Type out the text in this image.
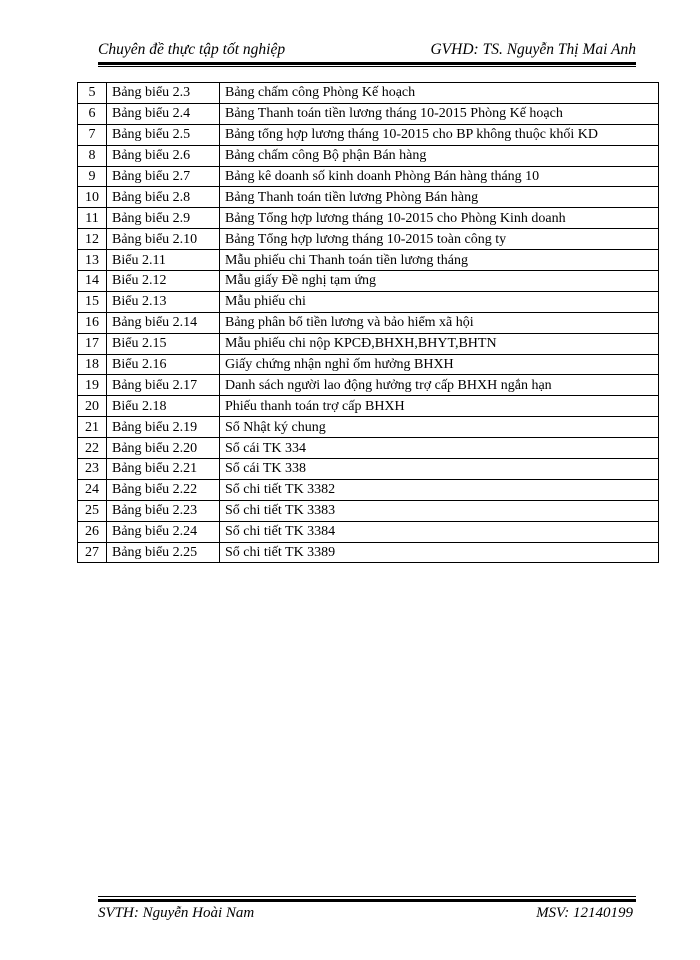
Chuyên đề thực tập tốt nghiệp	GVHD: TS. Nguyễn Thị Mai Anh
5	Bảng biểu 2.3	Bảng chấm công Phòng Kế hoạch
6	Bảng biểu 2.4	Bảng Thanh toán tiền lương tháng 10-2015 Phòng Kế hoạch
7	Bảng biểu 2.5	Bảng tổng hợp lương tháng 10-2015 cho BP không thuộc khối KD
8	Bảng biểu 2.6	Bảng chấm công Bộ phận Bán hàng
9	Bảng biểu 2.7	Bảng kê doanh số kinh doanh Phòng Bán hàng tháng 10
10	Bảng biểu 2.8	Bảng Thanh toán tiền lương Phòng Bán hàng
11	Bảng biểu 2.9	Bảng Tổng hợp lương tháng 10-2015 cho Phòng Kinh doanh
12	Bảng biểu 2.10	Bảng Tổng hợp lương tháng 10-2015 toàn công ty
13	Biểu 2.11	Mẫu phiếu chi Thanh toán tiền lương tháng
14	Biểu 2.12	Mẫu giấy Đề nghị tạm ứng
15	Biểu 2.13	Mẫu phiếu chi
16	Bảng biểu 2.14	Bảng phân bổ tiền lương và bảo hiểm xã hội
17	Biểu 2.15	Mẫu phiếu chi nộp KPCĐ,BHXH,BHYT,BHTN
18	Biểu 2.16	Giấy chứng nhận nghỉ ốm hưởng BHXH
19	Bảng biểu 2.17	Danh sách người lao động hưởng trợ cấp BHXH ngắn hạn
20	Biểu 2.18	Phiếu thanh toán trợ cấp BHXH
21	Bảng biểu 2.19	Sổ Nhật ký chung
22	Bảng biểu 2.20	Sổ cái TK 334
23	Bảng biểu 2.21	Sổ cái TK 338
24	Bảng biểu 2.22	Sổ chi tiết TK 3382
25	Bảng biểu 2.23	Sổ chi tiết TK 3383
26	Bảng biểu 2.24	Sổ chi tiết TK 3384
27	Bảng biểu 2.25	Sổ chi tiết TK 3389
SVTH: Nguyễn Hoài Nam	MSV: 12140199
